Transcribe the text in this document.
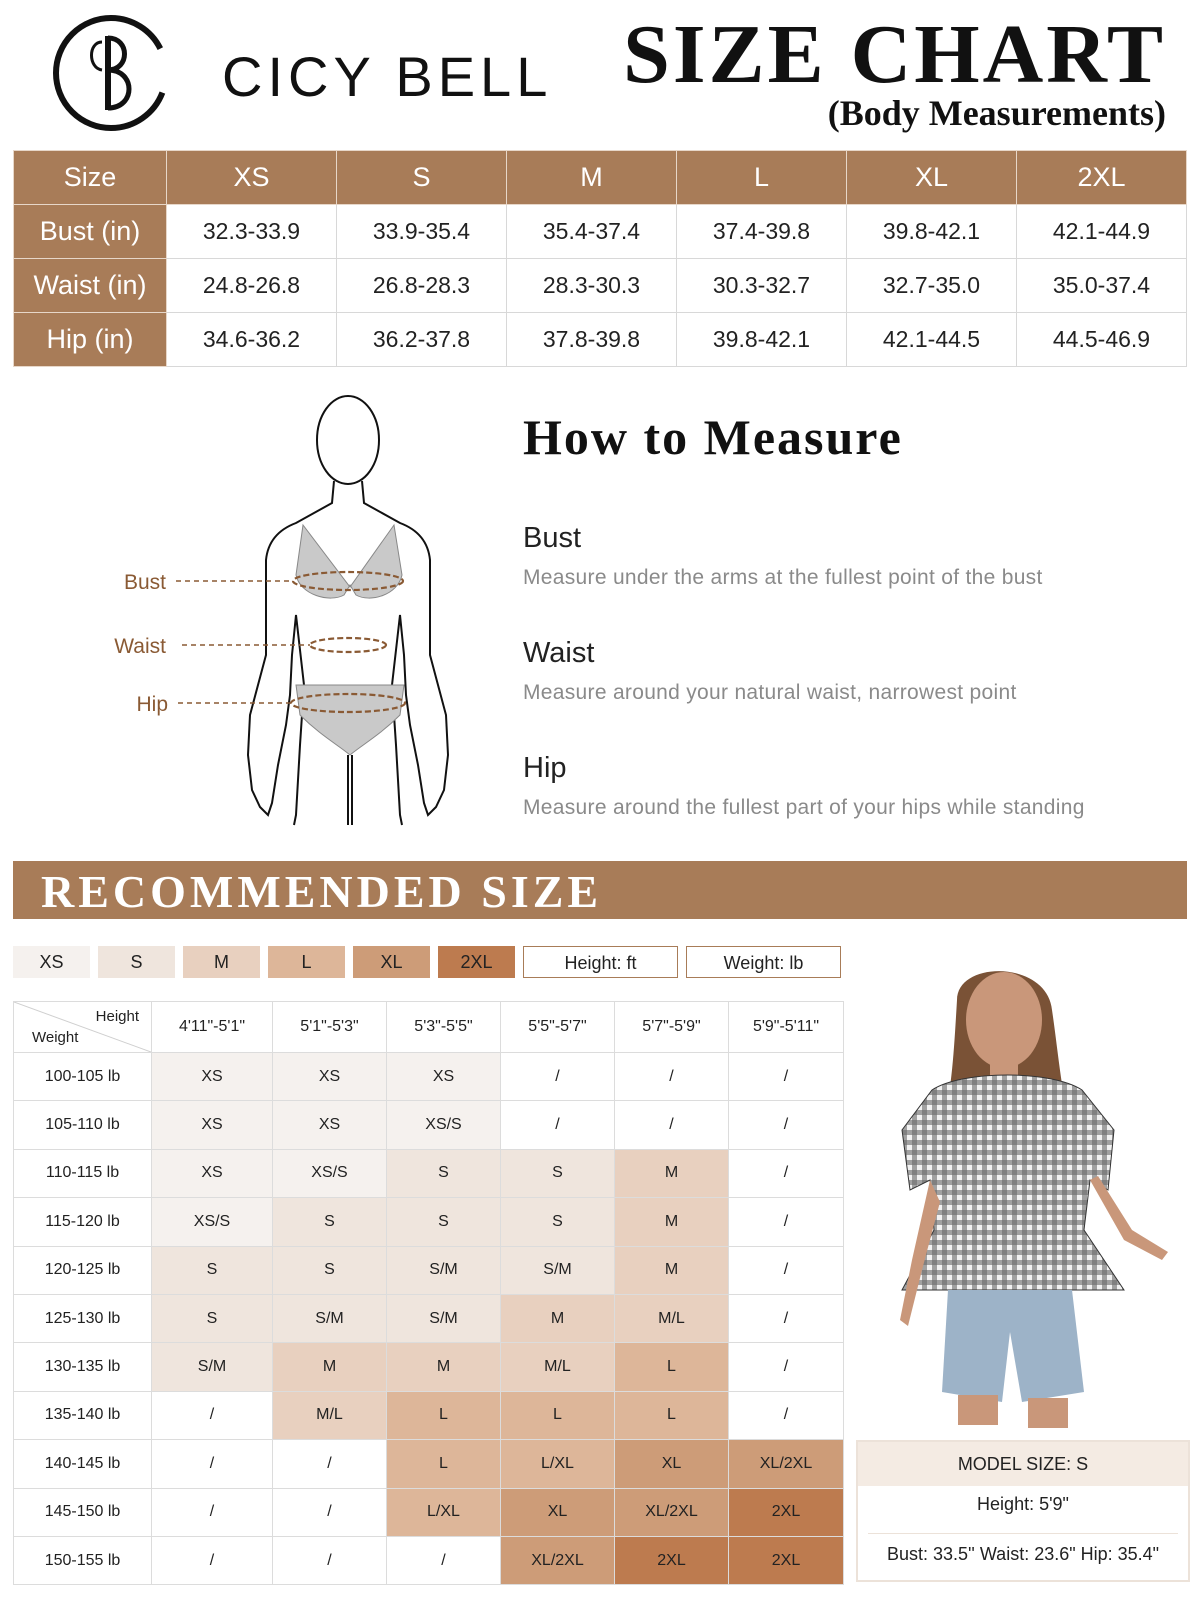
CICY BELL SIZE CHART
(Body Measurements)
Size	XS	S	M	L	XL	2XL
Bust (in)	32.3-33.9	33.9-35.4	35.4-37.4	37.4-39.8	39.8-42.1	42.1-44.9
Waist (in)	24.8-26.8	26.8-28.3	28.3-30.3	30.3-32.7	32.7-35.0	35.0-37.4
Hip (in)	34.6-36.2	36.2-37.8	37.8-39.8	39.8-42.1	42.1-44.5	44.5-46.9
Bust
Waist
Hip
How to Measure
Bust
Measure under the arms at the fullest point of the bust
Waist
Measure around your natural waist, narrowest point
Hip
Measure around the fullest part of your hips while standing
RECOMMENDED SIZE
XS	S	M	L	XL	2XL	Height: ft	Weight: lb
Height
Weight	4'11"-5'1"	5'1"-5'3"	5'3"-5'5"	5'5"-5'7"	5'7"-5'9"	5'9"-5'11"
100-105 lb	XS	XS	XS	/	/	/
105-110 lb	XS	XS	XS/S	/	/	/
110-115 lb	XS	XS/S	S	S	M	/
115-120 lb	XS/S	S	S	S	M	/
120-125 lb	S	S	S/M	S/M	M	/
125-130 lb	S	S/M	S/M	M	M/L	/
130-135 lb	S/M	M	M	M/L	L	/
135-140 lb	/	M/L	L	L	L	/
140-145 lb	/	/	L	L/XL	XL	XL/2XL
145-150 lb	/	/	L/XL	XL	XL/2XL	2XL
150-155 lb	/	/	/	XL/2XL	2XL	2XL
MODEL SIZE: S
Height: 5'9"
Bust: 33.5'' Waist: 23.6" Hip: 35.4"
